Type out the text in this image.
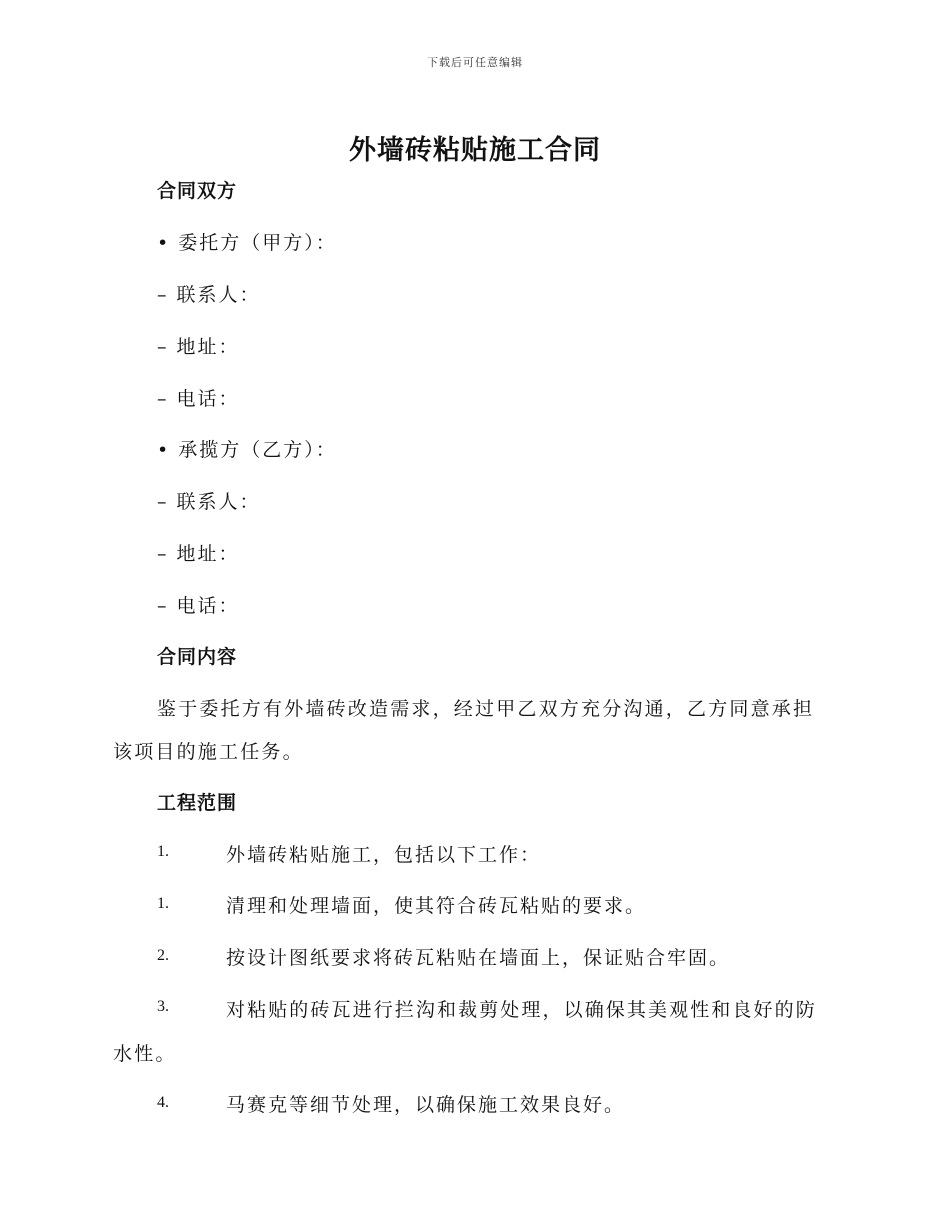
下载后可任意编辑
外墙砖粘贴施工合同
合同双方
• 委托方（甲方）：
– 联系人：
– 地址：
– 电话：
• 承揽方（乙方）：
– 联系人：
– 地址：
– 电话：
合同内容
鉴于委托方有外墙砖改造需求，经过甲乙双方充分沟通，乙方同意承担
该项目的施工任务。
工程范围
1.	外墙砖粘贴施工，包括以下工作：
1.	清理和处理墙面，使其符合砖瓦粘贴的要求。
2.	按设计图纸要求将砖瓦粘贴在墙面上，保证贴合牢固。
3.	对粘贴的砖瓦进行拦沟和裁剪处理，以确保其美观性和良好的防
水性。
4.	马赛克等细节处理，以确保施工效果良好。
